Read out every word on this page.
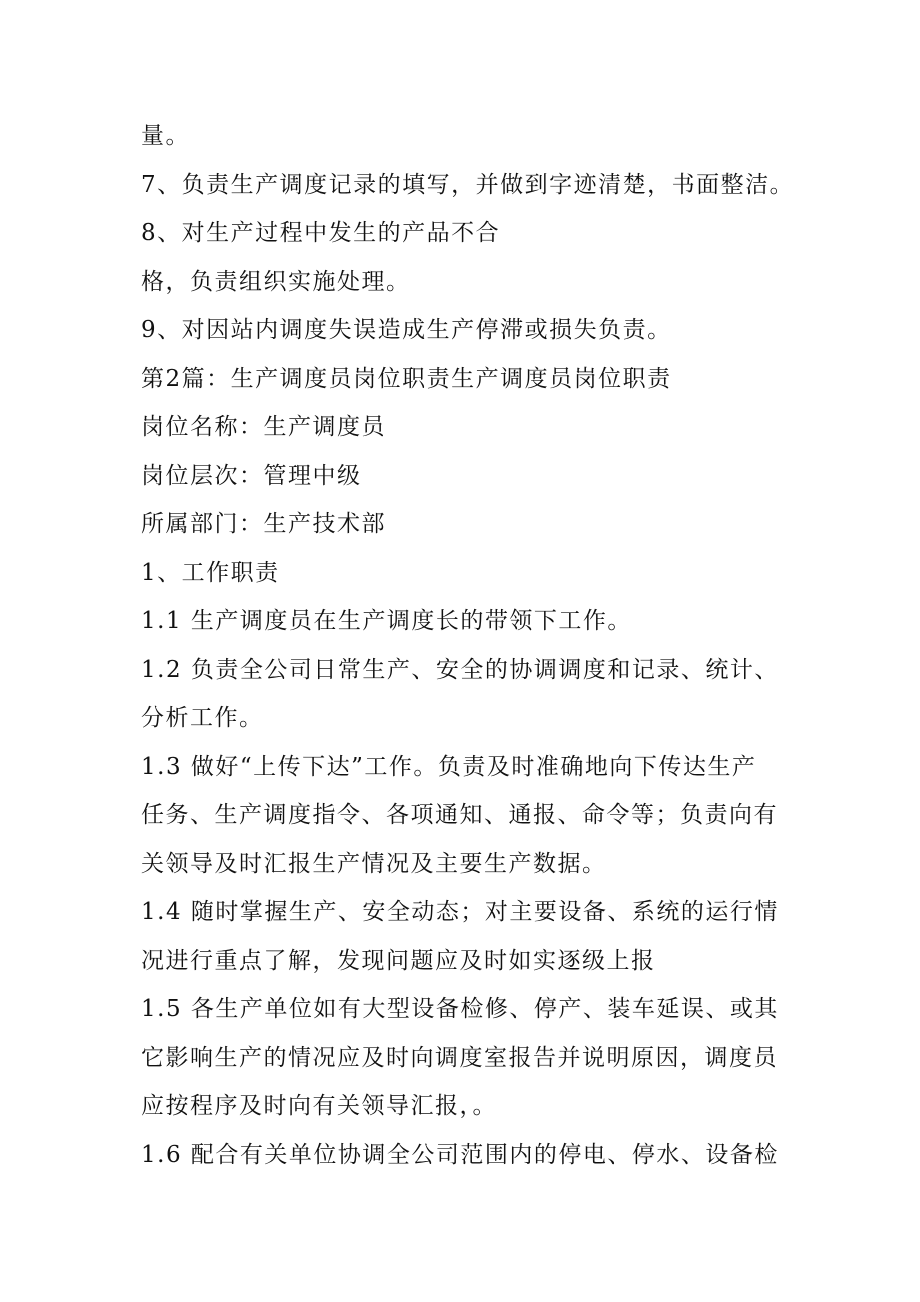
量。
7、负责生产调度记录的填写，并做到字迹清楚，书面整洁。
8、对生产过程中发生的产品不合
格，负责组织实施处理。
9、对因站内调度失误造成生产停滞或损失负责。
第2篇：生产调度员岗位职责生产调度员岗位职责
岗位名称：生产调度员
岗位层次：管理中级
所属部门：生产技术部
1、工作职责
1.1 生产调度员在生产调度长的带领下工作。
1.2 负责全公司日常生产、安全的协调调度和记录、统计、
分析工作。
1.3 做好“上传下达”工作。负责及时准确地向下传达生产
任务、生产调度指令、各项通知、通报、命令等；负责向有
关领导及时汇报生产情况及主要生产数据。
1.4 随时掌握生产、安全动态；对主要设备、系统的运行情
况进行重点了解，发现问题应及时如实逐级上报
1.5 各生产单位如有大型设备检修、停产、装车延误、或其
它影响生产的情况应及时向调度室报告并说明原因，调度员
应按程序及时向有关领导汇报，。
1.6 配合有关单位协调全公司范围内的停电、停水、设备检
